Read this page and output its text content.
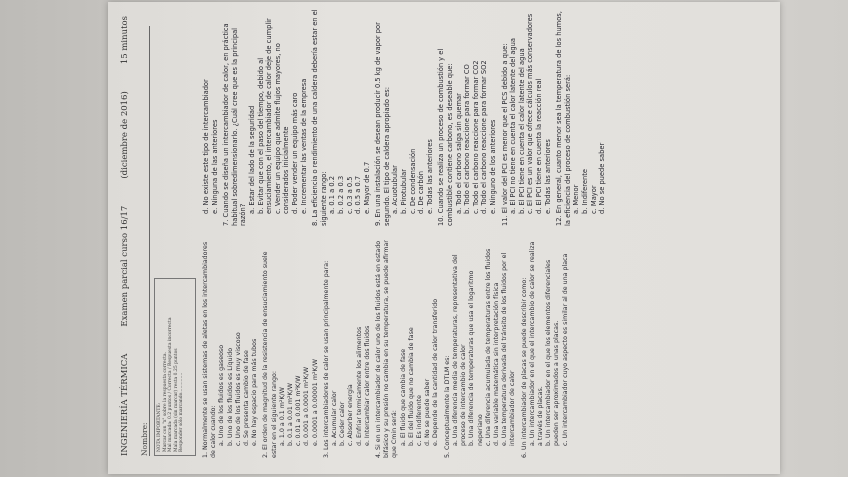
INGENIERÍA TÉRMICA
Examen parcial curso 16/17
(diciembre de 2016)
15 minutos
Nombre: NOTA IMPORTANTE: Marcar con "x" sobre la respuesta correcta. Mal marcada: 0.2 puntos / Correcta / Respuesta incorrecta Mala marcada (sin marcar) resta 0.25 puntos Responder sólo marcando..............
1. Normalmente se usan sistemas de aletas en los intercambiadores de calor cuando: a. Uno de los fluidos es gaseoso b. Uno de los fluidos es Líquido c. Uno de los fluidos es muy viscoso d. Se presenta cambio de fase e. No hay espacio para más tubos
2. El orden de magnitud de la resistencia de ensuciamiento suele estar en el siguiente rango: a. 1.0 a 0.1 m²K/W b. 0.1 a 0.01 m²K/W c. 0.01 a 0.001 m²K/W d. 0.001 a 0.0001 m²K/W e. 0.0001 a 0.00001 m²K/W
3. Los intercambiadores de calor se usan principalmente para: a. Acumular calor b. Ceder calor c. Absorber energía d. Enfriar termicamente los alimentos e. Intercambiar calor entre dos fluidos
4. Si en un intercambiador de calor uno de los fluidos está en estado bifásico y su presión no cambia en su temperatura, se puede afirmar que Cmin será: a. El fluido que cambia de fase b. El del fluido que no cambia de fase c. Es indiferente d. No se puede saber e. Depende de la cantidad de calor transferido
5. Conceptualmente la DTLM es: a. Una diferencia media de temperaturas, representativa del proceso de intercambio de calor b. Una diferencia de temperaturas que usa el logaritmo neperiano c. Una diferencia acumulada de temperaturas entre los fluidos d. Una variable matemática sin interpretación física e. Una temperatura derivada del tránsito de los fluidos por el intercambiador de calor
6. Un intercambiador de placas se puede describir como: a. Un intercambiador en el que el intercambio de calor se realiza a través de placas. b. Un intercambiador en el que los elementos diferenciales pueden ser aproximados a unas placas. c. Un intercambiador cuyo aspecto es similar al de una placa
d. No existe este tipo de intercambiador e. Ninguna de las anteriores
7. Cuando se diseña un intercambiador de calor, en práctica habitual sobredimensionarlo. ¿Cuál cree que es la principal razón?
a. Estar del lado de la seguridad b. Evitar que con el paso del tiempo, debido al ensuciamiento, el intercambiador de calor deje de cumplir c. Vender un equipo que admite flujos mayores, no considerados inicialmente d. Poder vender un equipo más caro e. Incrementar las ventas de la empresa
8. La eficiencia o rendimiento de una caldera debería estar en el siguiente rango: a. 0.1 a 0.2 b. 0.2 a 0.3 c. 0.3 a 0.5 d. 0.5 a 0.7 e. Mayor de 0.7
9. En una instalación se desean producir 0.5 kg de vapor por segundo. El tipo de caldera apropiado es: a. Acuotubular b. Pirotubular c. De condensación d. De carbón e. Todas las anteriores
10. Cuando se realiza un proceso de combustión y el combustible contiene carbono, es deseable que: a. Todo el carbono salga sin quemar b. Todo el carbono reaccione para formar CO c. Todo el carbono reaccione para formar CO2 d. Todo el carbono reaccione para formar SO2 e. Ninguno de los anteriores
11. El valor del PCI es menor que el PCS debido a que: a. El PCI no tiene en cuenta el calor latente del agua b. El PCI tiene en cuenta el calor latente del agua c. El PCI es un valor que ofrece cálculos más conservadores d. El PCI tiene en cuenta la reacción real e. Todas las anteriores
12. En general, cuanto menor sea la temperatura de los humos, la eficiencia del proceso de combustión será: a. Menor b. Indiferente c. Mayor d. No se puede saber
